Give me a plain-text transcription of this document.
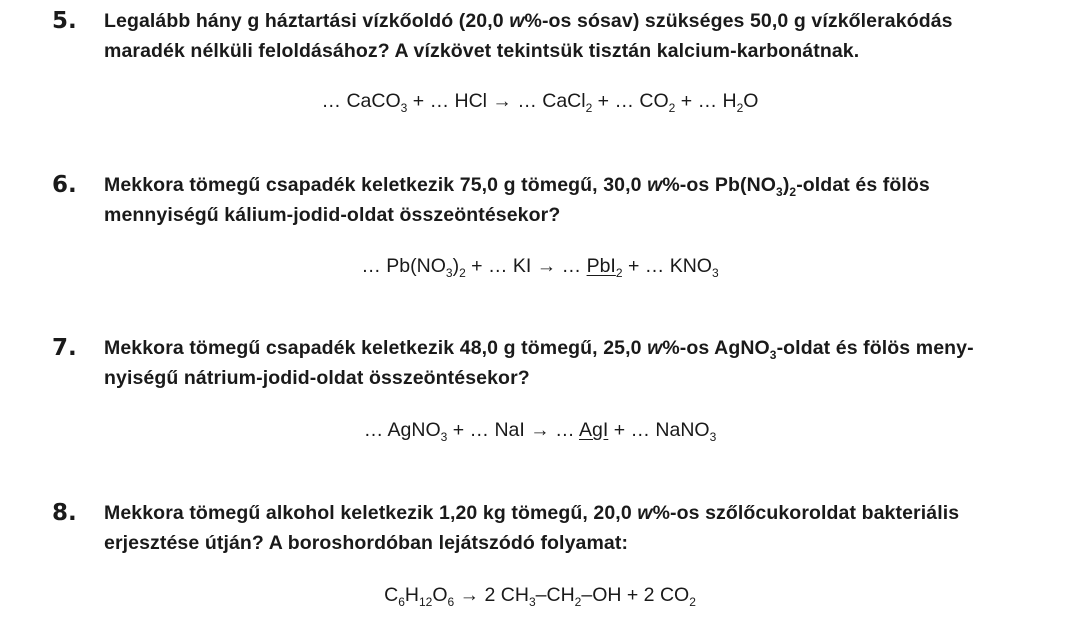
5. Legalább hány g háztartási vízkőoldó (20,0 w%-os sósav) szükséges 50,0 g vízkőlerakódás
maradék nélküli feloldásához? A vízkövet tekintsük tisztán kalcium-karbonátnak.
… CaCO$_3$ + … HCl → … CaCl$_2$ + … $CO_2$ + … $H_2O$
6. Mekkora tömegű csapadék keletkezik 75,0 g tömegű, 30,0 w%-os $Pb(NO_3)_2$-oldat és fölös
mennyiségű kálium-jodid-oldat összeöntésekor?
… $Pb(NO_3)_2$ + … KI → … PbI$_2$ + … $KNO_3$
7. Mekkora tömegű csapadék keletkezik 48,0 g tömegű, 25,0 w%-os AgNO$_3$-oldat és fölös meny-
nyiségű nátrium-jodid-oldat összeöntésekor?
… AgNO$_3$ + … NaI → … AgI + … NaNO$_3$
8. Mekkora tömegű alkohol keletkezik 1,20 kg tömegű, 20,0 w%-os szőlőcukoroldat bakteriális
erjesztése útján? A boroshordóban lejátszódó folyamat:
$C_6H_{12}O_6 \to 2$ $CH_3-CH_2-OH + 2$ $CO_2$
